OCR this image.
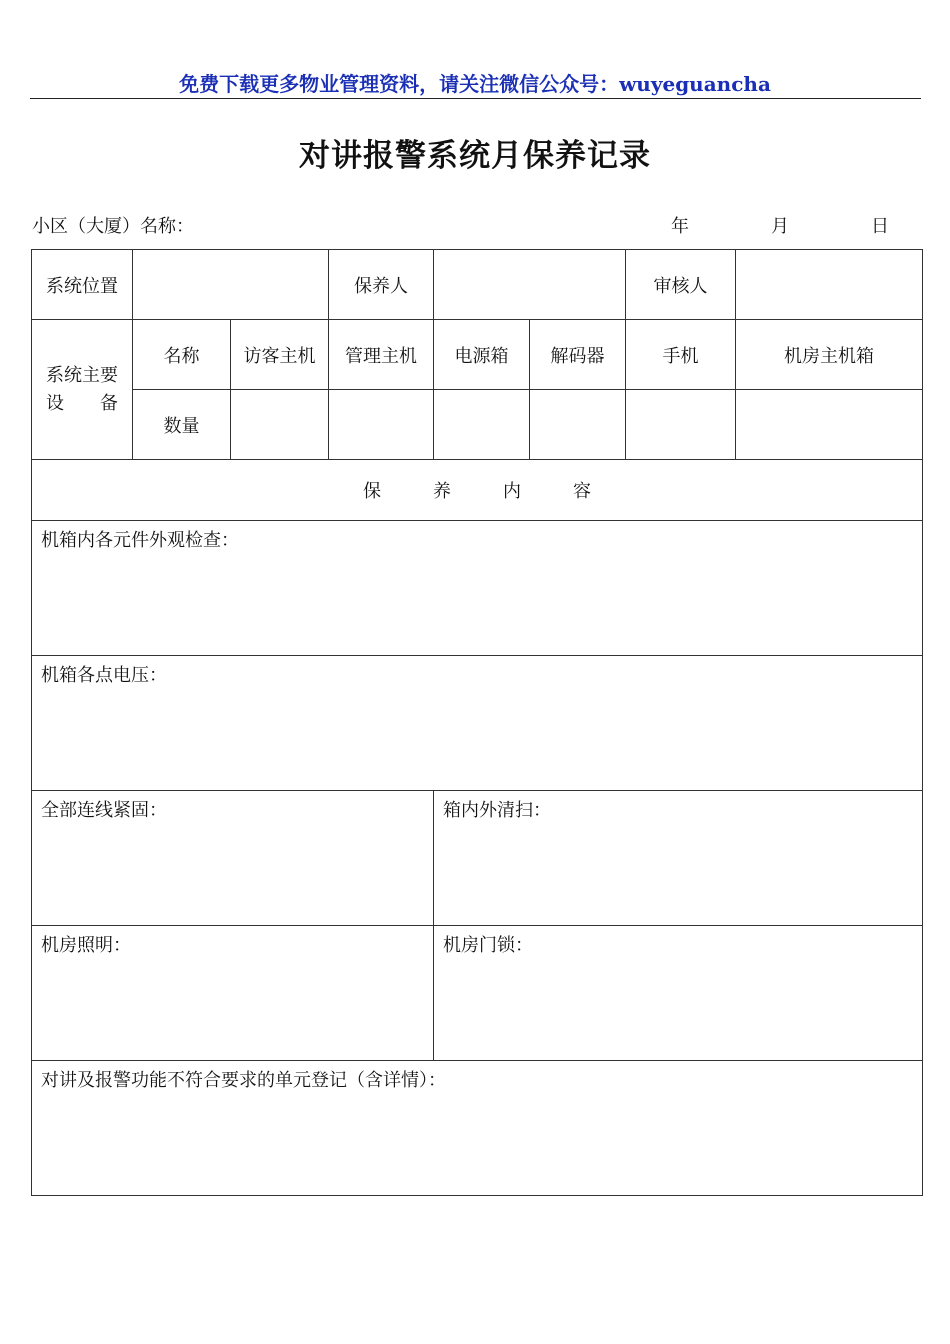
免费下载更多物业管理资料，请关注微信公众号：wuyeguancha
对讲报警系统月保养记录
小区（大厦）名称：	年	月	日
系统位置			保养人			审核人	

系统主要
设　　备	名称	访客主机	管理主机	电源箱	解码器	手机	机房主机箱
	数量						
保 养 内 容							
机箱内各元件外观检查：							
机箱各点电压：							
全部连线紧固：				箱内外清扫：			
机房照明：				机房门锁：			
对讲及报警功能不符合要求的单元登记（含详情）：							
